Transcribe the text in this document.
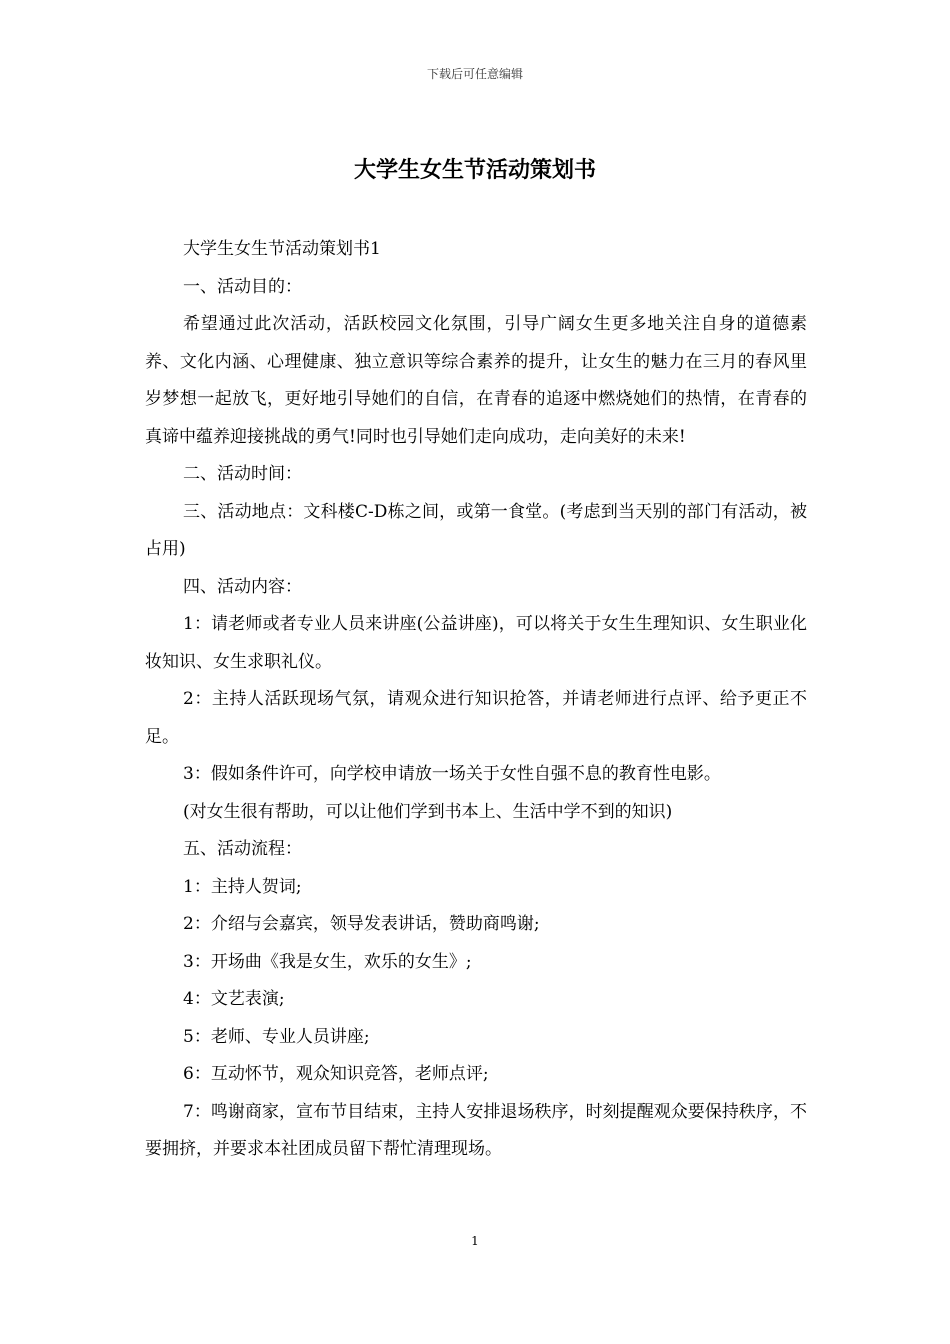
下载后可任意编辑
大学生女生节活动策划书

大学生女生节活动策划书1

一、活动目的：

希望通过此次活动，活跃校园文化氛围，引导广阔女生更多地关注自身的道德素养、文化内涵、心理健康、独立意识等综合素养的提升，让女生的魅力在三月的春风里岁梦想一起放飞，更好地引导她们的自信，在青春的追逐中燃烧她们的热情，在青春的真谛中蕴养迎接挑战的勇气!同时也引导她们走向成功，走向美好的未来!

二、活动时间：

三、活动地点：文科楼C-D栋之间，或第一食堂。(考虑到当天别的部门有活动，被占用)

四、活动内容：

1：请老师或者专业人员来讲座(公益讲座)，可以将关于女生生理知识、女生职业化妆知识、女生求职礼仪。

2：主持人活跃现场气氛，请观众进行知识抢答，并请老师进行点评、给予更正不足。

3：假如条件许可，向学校申请放一场关于女性自强不息的教育性电影。

(对女生很有帮助，可以让他们学到书本上、生活中学不到的知识)

五、活动流程：

1：主持人贺词;

2：介绍与会嘉宾，领导发表讲话，赞助商鸣谢;

3：开场曲《我是女生，欢乐的女生》;

4：文艺表演;

5：老师、专业人员讲座;

6：互动怀节，观众知识竞答，老师点评;

7：鸣谢商家，宣布节目结束，主持人安排退场秩序，时刻提醒观众要保持秩序，不要拥挤，并要求本社团成员留下帮忙清理现场。

1
